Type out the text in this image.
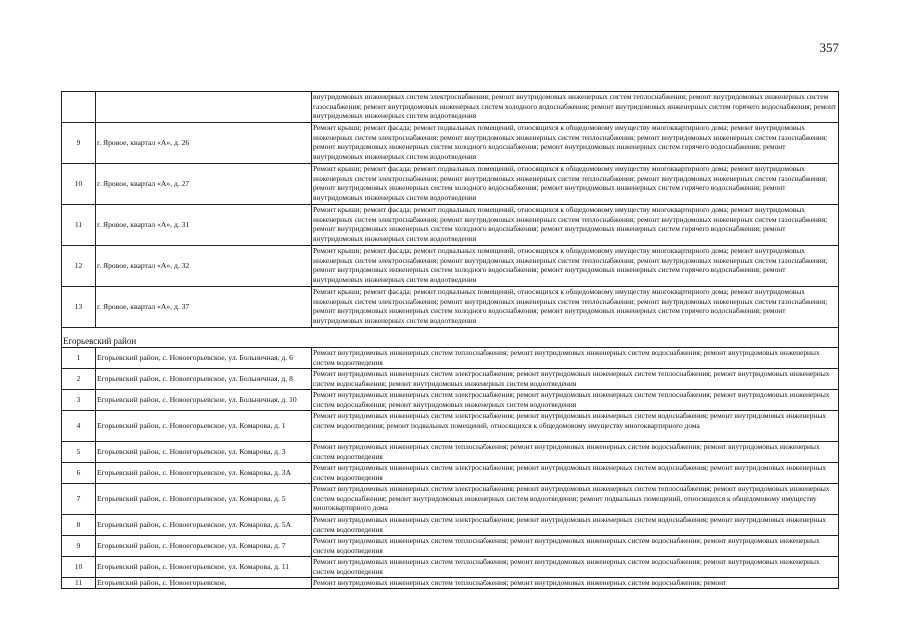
357
		внутридомовых инженерных систем электроснабжения; ремонт внутридомовых инженерных систем теплоснабжения; ремонт внутридомовых инженерных систем газоснабжения; ремонт внутридомовых инженерных систем холодного водоснабжения; ремонт внутридомовых инженерных систем горячего водоснабжения; ремонт внутридомовых инженерных систем водоотведения
9	г. Яровое, квартал «А», д. 26	Ремонт крыши; ремонт фасада; ремонт подвальных помещений, относящихся к общедомовому имуществу многоквартирного дома; ремонт внутридомовых инженерных систем электроснабжения; ремонт внутридомовых инженерных систем теплоснабжения; ремонт внутридомовых инженерных систем газоснабжения; ремонт внутридомовых инженерных систем холодного водоснабжения; ремонт внутридомовых инженерных систем горячего водоснабжения; ремонт внутридомовых инженерных систем водоотведения
10	г. Яровое, квартал «А», д. 27	Ремонт крыши; ремонт фасада; ремонт подвальных помещений, относящихся к общедомовому имуществу многоквартирного дома; ремонт внутридомовых инженерных систем электроснабжения; ремонт внутридомовых инженерных систем теплоснабжения; ремонт внутридомовых инженерных систем газоснабжения; ремонт внутридомовых инженерных систем холодного водоснабжения; ремонт внутридомовых инженерных систем горячего водоснабжения; ремонт внутридомовых инженерных систем водоотведения
11	г. Яровое, квартал «А», д. 31	Ремонт крыши; ремонт фасада; ремонт подвальных помещений, относящихся к общедомовому имуществу многоквартирного дома; ремонт внутридомовых инженерных систем электроснабжения; ремонт внутридомовых инженерных систем теплоснабжения; ремонт внутридомовых инженерных систем газоснабжения; ремонт внутридомовых инженерных систем холодного водоснабжения; ремонт внутридомовых инженерных систем горячего водоснабжения; ремонт внутридомовых инженерных систем водоотведения
12	г. Яровое, квартал «А», д. 32	Ремонт крыши; ремонт фасада; ремонт подвальных помещений, относящихся к общедомовому имуществу многоквартирного дома; ремонт внутридомовых инженерных систем электроснабжения; ремонт внутридомовых инженерных систем теплоснабжения; ремонт внутридомовых инженерных систем газоснабжения; ремонт внутридомовых инженерных систем холодного водоснабжения; ремонт внутридомовых инженерных систем горячего водоснабжения; ремонт внутридомовых инженерных систем водоотведения
13	г. Яровое, квартал «А», д. 37	Ремонт крыши; ремонт фасада; ремонт подвальных помещений, относящихся к общедомовому имуществу многоквартирного дома; ремонт внутридомовых инженерных систем электроснабжения; ремонт внутридомовых инженерных систем теплоснабжения; ремонт внутридомовых инженерных систем газоснабжения; ремонт внутридомовых инженерных систем холодного водоснабжения; ремонт внутридомовых инженерных систем горячего водоснабжения; ремонт внутридомовых инженерных систем водоотведения
Егорьевский район		
1	Егорьевский район, с. Новоегорьевское, ул. Больничная, д. 6	Ремонт внутридомовых инженерных систем теплоснабжения; ремонт внутридомовых инженерных систем водоснабжения; ремонт внутридомовых инженерных систем водоотведения
2	Егорьевский район, с. Новоегорьевское, ул. Больничная, д. 8	Ремонт внутридомовых инженерных систем электроснабжения; ремонт внутридомовых инженерных систем теплоснабжения; ремонт внутридомовых инженерных систем водоснабжения; ремонт внутридомовых инженерных систем водоотведения
3	Егорьевский район, с. Новоегорьевское, ул. Больничная, д. 10	Ремонт внутридомовых инженерных систем электроснабжения; ремонт внутридомовых инженерных систем теплоснабжения; ремонт внутридомовых инженерных систем водоснабжения; ремонт внутридомовых инженерных систем водоотведения
4	Егорьевский район, с. Новоегорьевское, ул. Комарова, д. 1	Ремонт внутридомовых инженерных систем электроснабжения; ремонт внутридомовых инженерных систем водоснабжения; ремонт внутридомовых инженерных систем водоотведения; ремонт подвальных помещений, относящихся к общедомовому имуществу многоквартирного дома
5	Егорьевский район, с. Новоегорьевское, ул. Комарова, д. 3	Ремонт внутридомовых инженерных систем теплоснабжения; ремонт внутридомовых инженерных систем водоснабжения; ремонт внутридомовых инженерных систем водоотведения
6	Егорьевский район, с. Новоегорьевское, ул. Комарова, д. 3А	Ремонт внутридомовых инженерных систем электроснабжения; ремонт внутридомовых инженерных систем водоснабжения; ремонт внутридомовых инженерных систем водоотведения
7	Егорьевский район, с. Новоегорьевское, ул. Комарова, д. 5	Ремонт внутридомовых инженерных систем электроснабжения; ремонт внутридомовых инженерных систем теплоснабжения; ремонт внутридомовых инженерных систем водоснабжения; ремонт внутридомовых инженерных систем водоотведения; ремонт подвальных помещений, относящихся к общедомовому имуществу многоквартирного дома
8	Егорьевский район, с. Новоегорьевское, ул. Комарова, д. 5А	Ремонт внутридомовых инженерных систем электроснабжения; ремонт внутридомовых инженерных систем водоснабжения; ремонт внутридомовых инженерных систем водоотведения
9	Егорьевский район, с. Новоегорьевское, ул. Комарова, д. 7	Ремонт внутридомовых инженерных систем теплоснабжения; ремонт внутридомовых инженерных систем водоснабжения; ремонт внутридомовых инженерных систем водоотведения
10	Егорьевский район, с. Новоегорьевское, ул. Комарова, д. 11	Ремонт внутридомовых инженерных систем теплоснабжения; ремонт внутридомовых инженерных систем водоснабжения; ремонт внутридомовых инженерных систем водоотведения
11	Егорьевский район, с. Новоегорьевское,	Ремонт внутридомовых инженерных систем теплоснабжения; ремонт внутридомовых инженерных систем водоснабжения; ремонт
